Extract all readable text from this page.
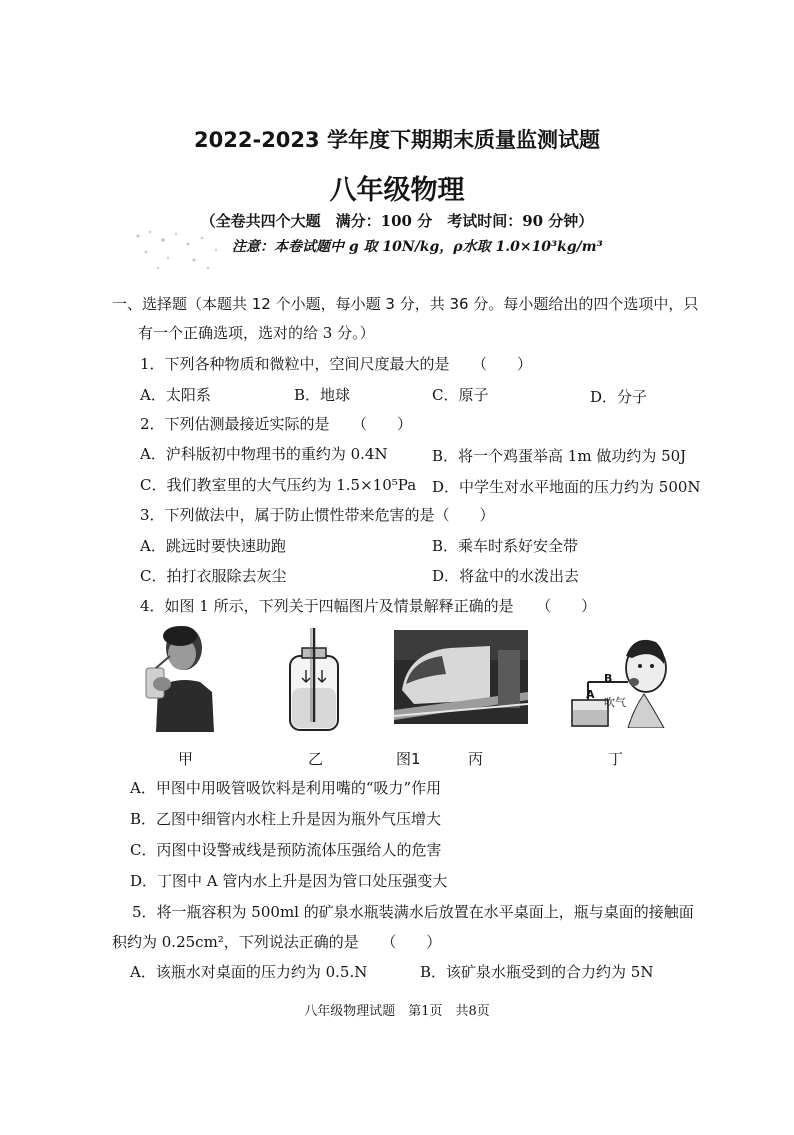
2022-2023 学年度下期期末质量监测试题
八年级物理
（全卷共四个大题　满分：100 分　考试时间：90 分钟）
注意：本卷试题中 g 取 10N/kg，ρ水取 1.0×10³kg/m³
一、选择题（本题共 12 个小题，每小题 3 分，共 36 分。每小题给出的四个选项中，只
有一个正确选项，选对的给 3 分。）
1．下列各种物质和微粒中，空间尺度最大的是　　（　　）
A．太阳系	B．地球	C．原子	D．分子
2．下列估测最接近实际的是　　（　　）
A．沪科版初中物理书的重约为 0.4N	B．将一个鸡蛋举高 1m 做功约为 50J
C．我们教室里的大气压约为 1.5×10⁵Pa D．中学生对水平地面的压力约为 500N
3．下列做法中，属于防止惯性带来危害的是（　　）
A．跳远时要快速助跑	B．乘车时系好安全带
C．拍打衣服除去灰尘	D．将盆中的水泼出去
4．如图 1 所示，下列关于四幅图片及情景解释正确的是　　（　　）
甲	乙	图1	丙
A
B
吹气
丁
A．甲图中用吸管吸饮料是利用嘴的“吸力”作用
B．乙图中细管内水柱上升是因为瓶外气压增大
C．丙图中设警戒线是预防流体压强给人的危害
D．丁图中 A 管内水上升是因为管口处压强变大
5．将一瓶容积为 500ml 的矿泉水瓶装满水后放置在水平桌面上，瓶与桌面的接触面
积约为 0.25cm²，下列说法正确的是　　（　　）
A．该瓶水对桌面的压力约为 0.5.N	B．该矿泉水瓶受到的合力约为 5N
八年级物理试题　第1页　共8页
